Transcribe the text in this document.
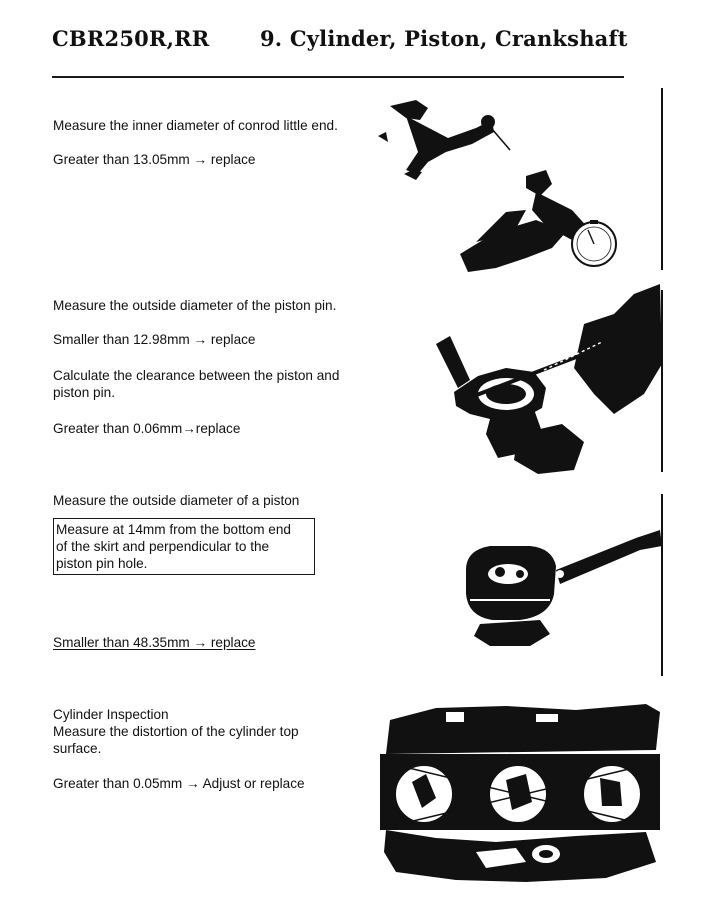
CBR250R,RR 9. Cylinder, Piston, Crankshaft

Measure the inner diameter of conrod little end.

Greater than 13.05mm → replace

Measure the outside diameter of the piston pin.

Smaller than 12.98mm → replace

Calculate the clearance between the piston and

piston pin.

Greater than 0.06mm→replace

Measure the outside diameter of a piston

Measure at 14mm from the bottom end
of the skirt and perpendicular to the
piston pin hole.

Smaller than 48.35mm → replace

Cylinder Inspection

Measure the distortion of the cylinder top

surface.

Greater than 0.05mm → Adjust or replace
